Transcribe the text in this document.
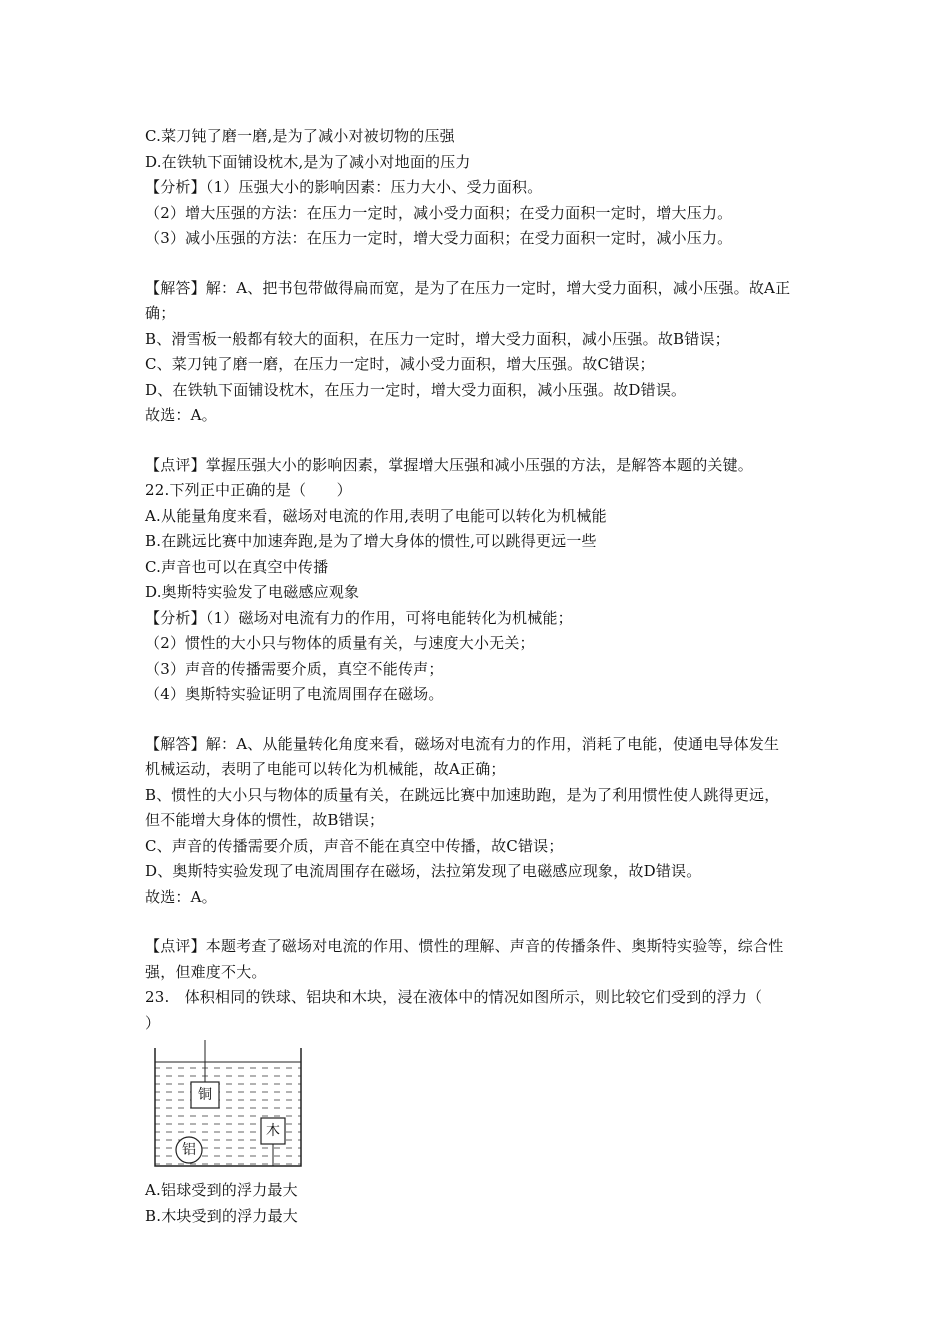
C.菜刀钝了磨一磨,是为了减小对被切物的压强
D.在铁轨下面铺设枕木,是为了减小对地面的压力
【分析】（1）压强大小的影响因素：压力大小、受力面积。
（2）增大压强的方法：在压力一定时，减小受力面积；在受力面积一定时，增大压力。
（3）减小压强的方法：在压力一定时，增大受力面积；在受力面积一定时，减小压力。
【解答】解：A、把书包带做得扁而宽，是为了在压力一定时，增大受力面积，减小压强。故A正
确；
B、滑雪板一般都有较大的面积，在压力一定时，增大受力面积，减小压强。故B错误；
C、菜刀钝了磨一磨，在压力一定时，减小受力面积，增大压强。故C错误；
D、在铁轨下面铺设枕木，在压力一定时，增大受力面积，减小压强。故D错误。
故选：A。
【点评】掌握压强大小的影响因素，掌握增大压强和减小压强的方法，是解答本题的关键。
22.下列正中正确的是（　　）
A.从能量角度来看，磁场对电流的作用,表明了电能可以转化为机械能
B.在跳远比赛中加速奔跑,是为了增大身体的惯性,可以跳得更远一些
C.声音也可以在真空中传播
D.奥斯特实验发了电磁感应观象
【分析】（1）磁场对电流有力的作用，可将电能转化为机械能；
（2）惯性的大小只与物体的质量有关，与速度大小无关；
（3）声音的传播需要介质，真空不能传声；
（4）奥斯特实验证明了电流周围存在磁场。
【解答】解：A、从能量转化角度来看，磁场对电流有力的作用，消耗了电能，使通电导体发生
机械运动，表明了电能可以转化为机械能，故A正确；
B、惯性的大小只与物体的质量有关，在跳远比赛中加速助跑，是为了利用惯性使人跳得更远，
但不能增大身体的惯性，故B错误；
C、声音的传播需要介质，声音不能在真空中传播，故C错误；
D、奥斯特实验发现了电流周围存在磁场，法拉第发现了电磁感应现象，故D错误。
故选：A。
【点评】本题考查了磁场对电流的作用、惯性的理解、声音的传播条件、奥斯特实验等，综合性
强，但难度不大。
23.　体积相同的铁球、铝块和木块，浸在液体中的情况如图所示，则比较它们受到的浮力（
）
铜
木
铝
A.铝球受到的浮力最大
B.木块受到的浮力最大
